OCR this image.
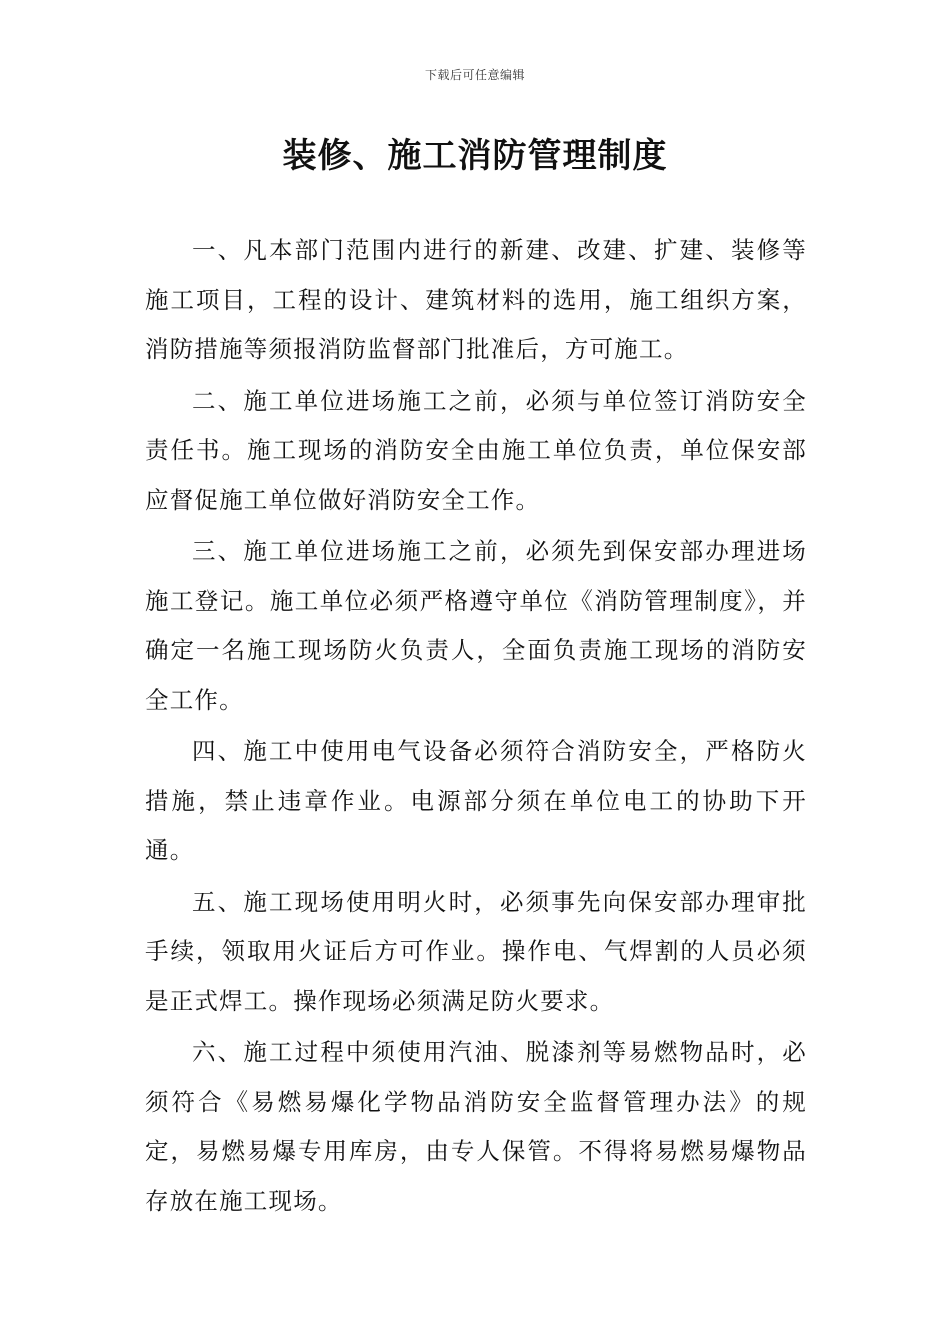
下载后可任意编辑
装修、施工消防管理制度

一、凡本部门范围内进行的新建、改建、扩建、装修等施工项目，工程的设计、建筑材料的选用，施工组织方案，消防措施等须报消防监督部门批准后，方可施工。

二、施工单位进场施工之前，必须与单位签订消防安全责任书。施工现场的消防安全由施工单位负责，单位保安部应督促施工单位做好消防安全工作。

三、施工单位进场施工之前，必须先到保安部办理进场施工登记。施工单位必须严格遵守单位《消防管理制度》，并确定一名施工现场防火负责人，全面负责施工现场的消防安全工作。

四、施工中使用电气设备必须符合消防安全，严格防火措施，禁止违章作业。电源部分须在单位电工的协助下开通。

五、施工现场使用明火时，必须事先向保安部办理审批手续，领取用火证后方可作业。操作电、气焊割的人员必须是正式焊工。操作现场必须满足防火要求。

六、施工过程中须使用汽油、脱漆剂等易燃物品时，必须符合《易燃易爆化学物品消防安全监督管理办法》的规定，易燃易爆专用库房，由专人保管。不得将易燃易爆物品存放在施工现场。
